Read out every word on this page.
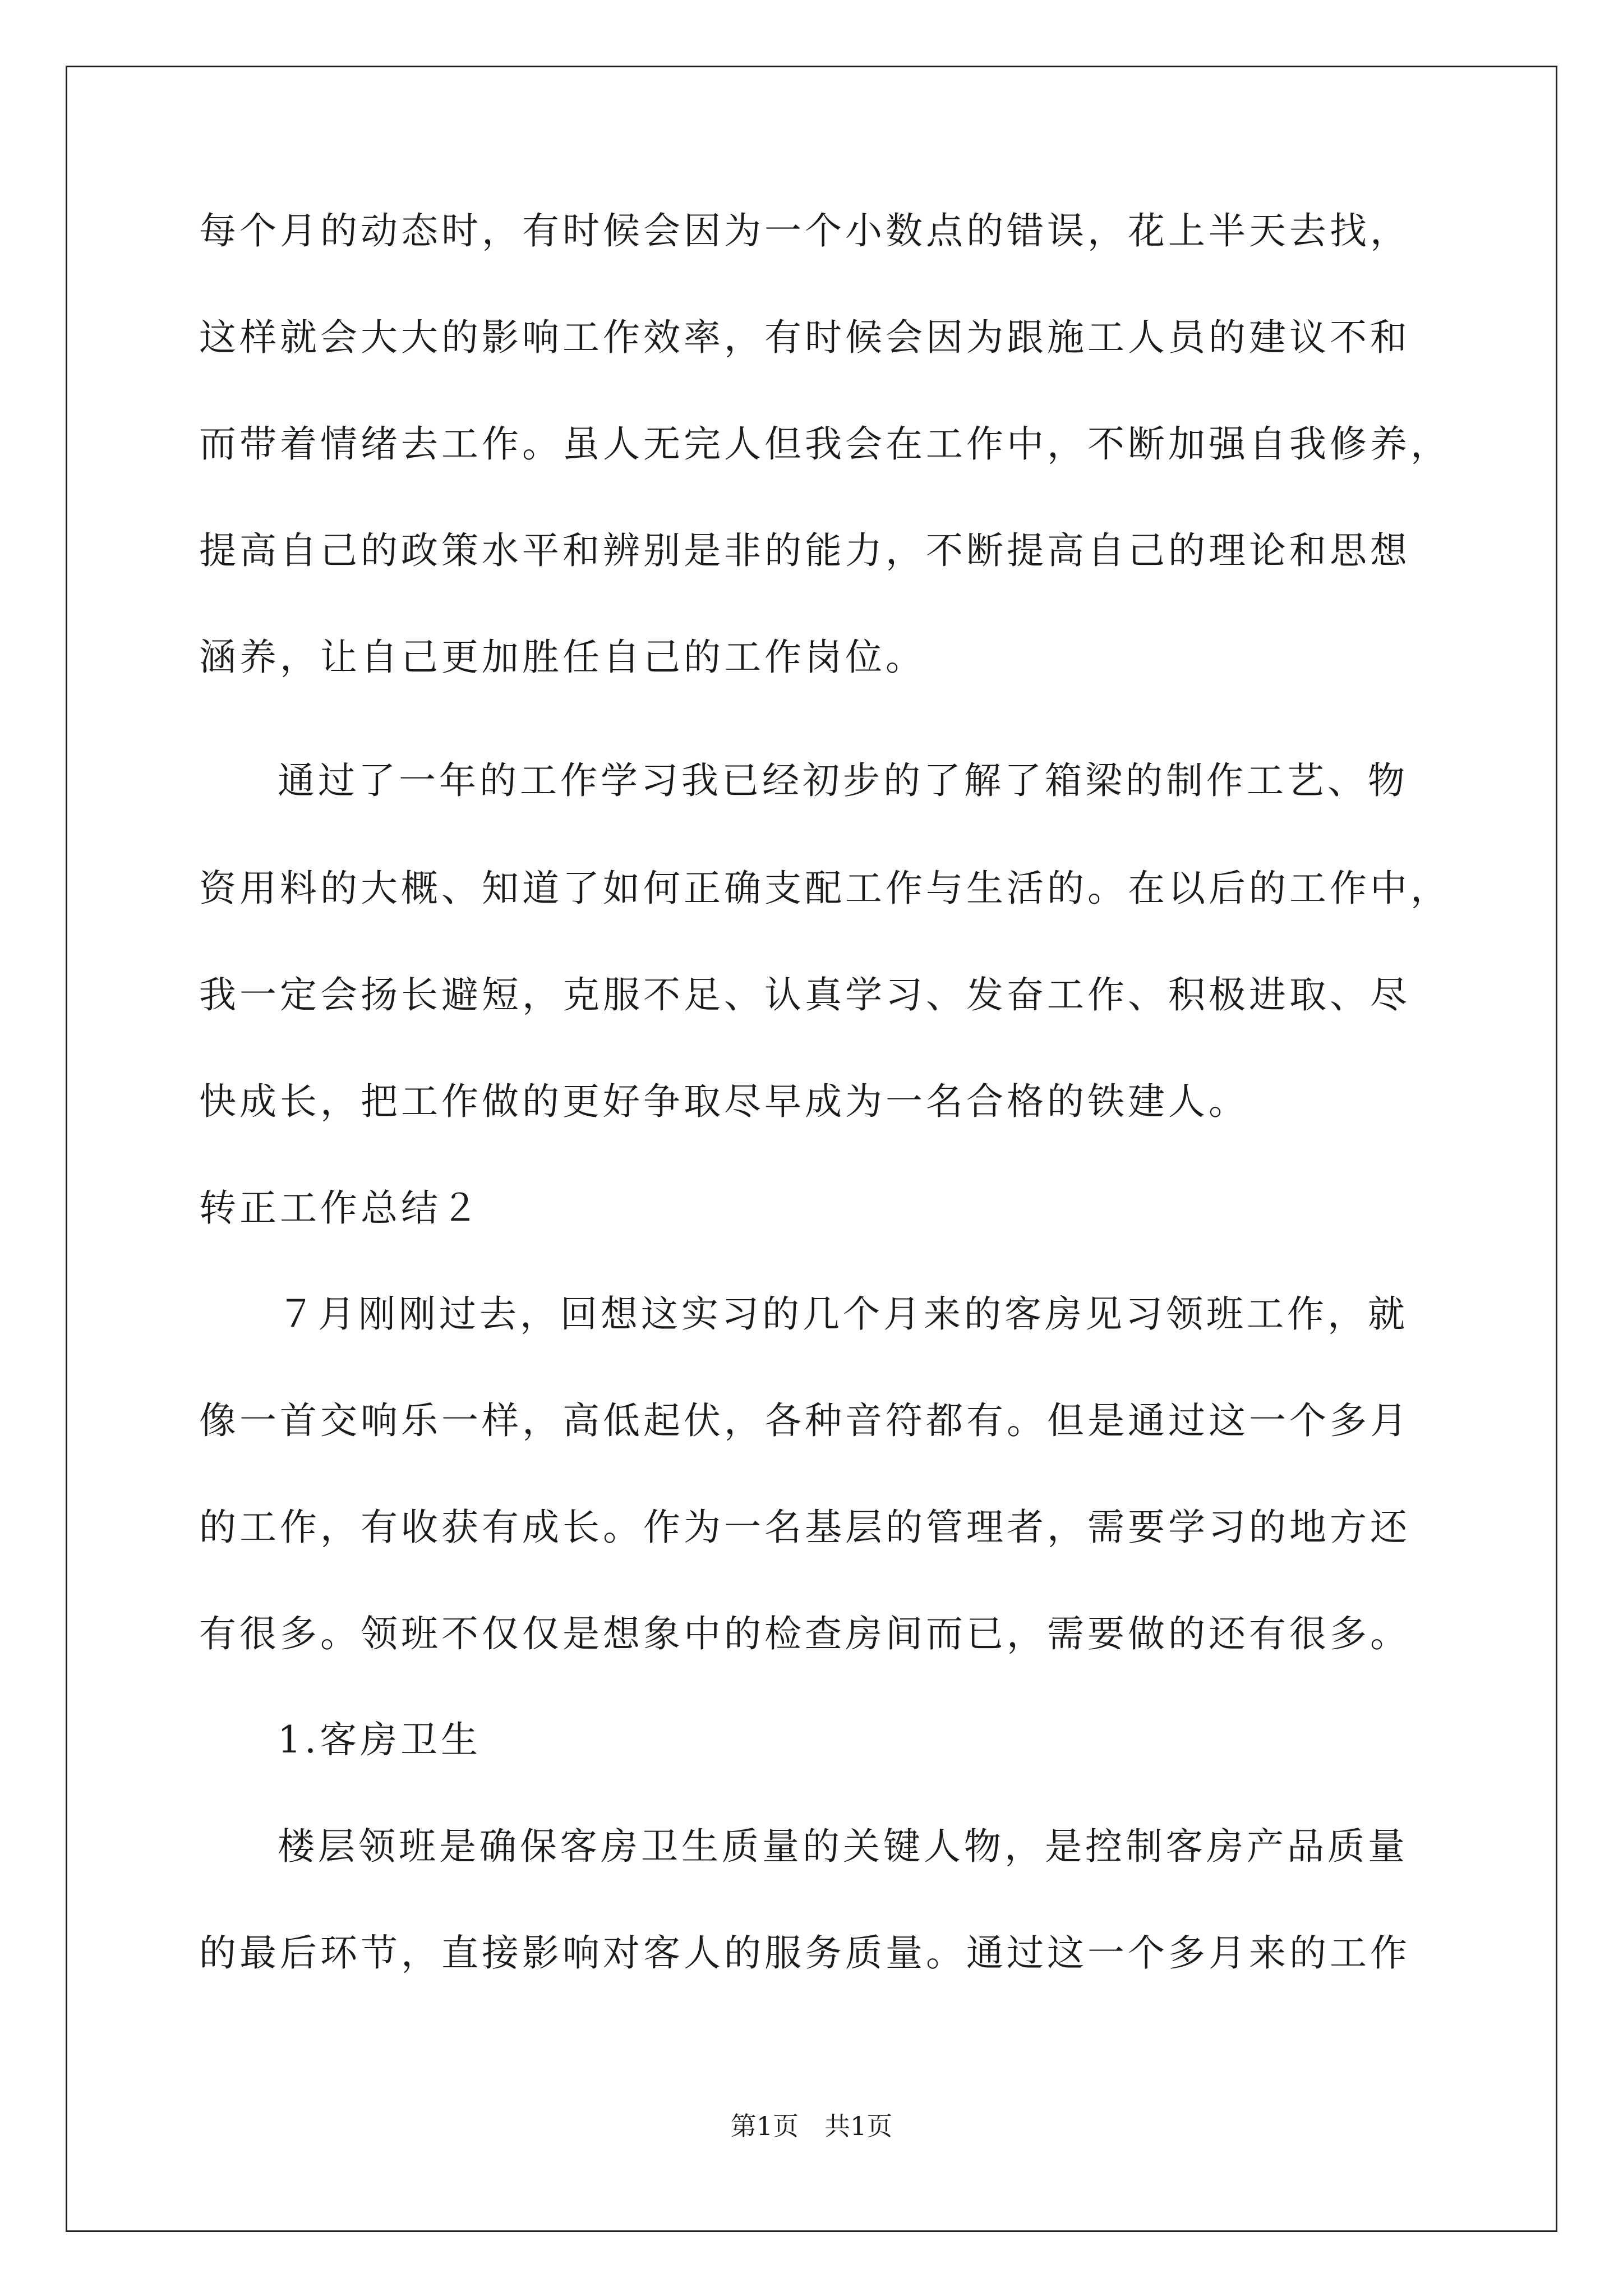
每个月的动态时，有时候会因为一个小数点的错误，花上半天去找，
这样就会大大的影响工作效率，有时候会因为跟施工人员的建议不和
而带着情绪去工作。虽人无完人但我会在工作中，不断加强自我修养，
提高自己的政策水平和辨别是非的能力，不断提高自己的理论和思想
涵养，让自己更加胜任自己的工作岗位。
通过了一年的工作学习我已经初步的了解了箱梁的制作工艺、物
资用料的大概、知道了如何正确支配工作与生活的。在以后的工作中，
我一定会扬长避短，克服不足、认真学习、发奋工作、积极进取、尽
快成长，把工作做的更好争取尽早成为一名合格的铁建人。
转正工作总结２
７月刚刚过去，回想这实习的几个月来的客房见习领班工作，就
像一首交响乐一样，高低起伏，各种音符都有。但是通过这一个多月
的工作，有收获有成长。作为一名基层的管理者，需要学习的地方还
有很多。领班不仅仅是想象中的检查房间而已，需要做的还有很多。
1.客房卫生
楼层领班是确保客房卫生质量的关键人物，是控制客房产品质量
的最后环节，直接影响对客人的服务质量。通过这一个多月来的工作
第1页　共1页
